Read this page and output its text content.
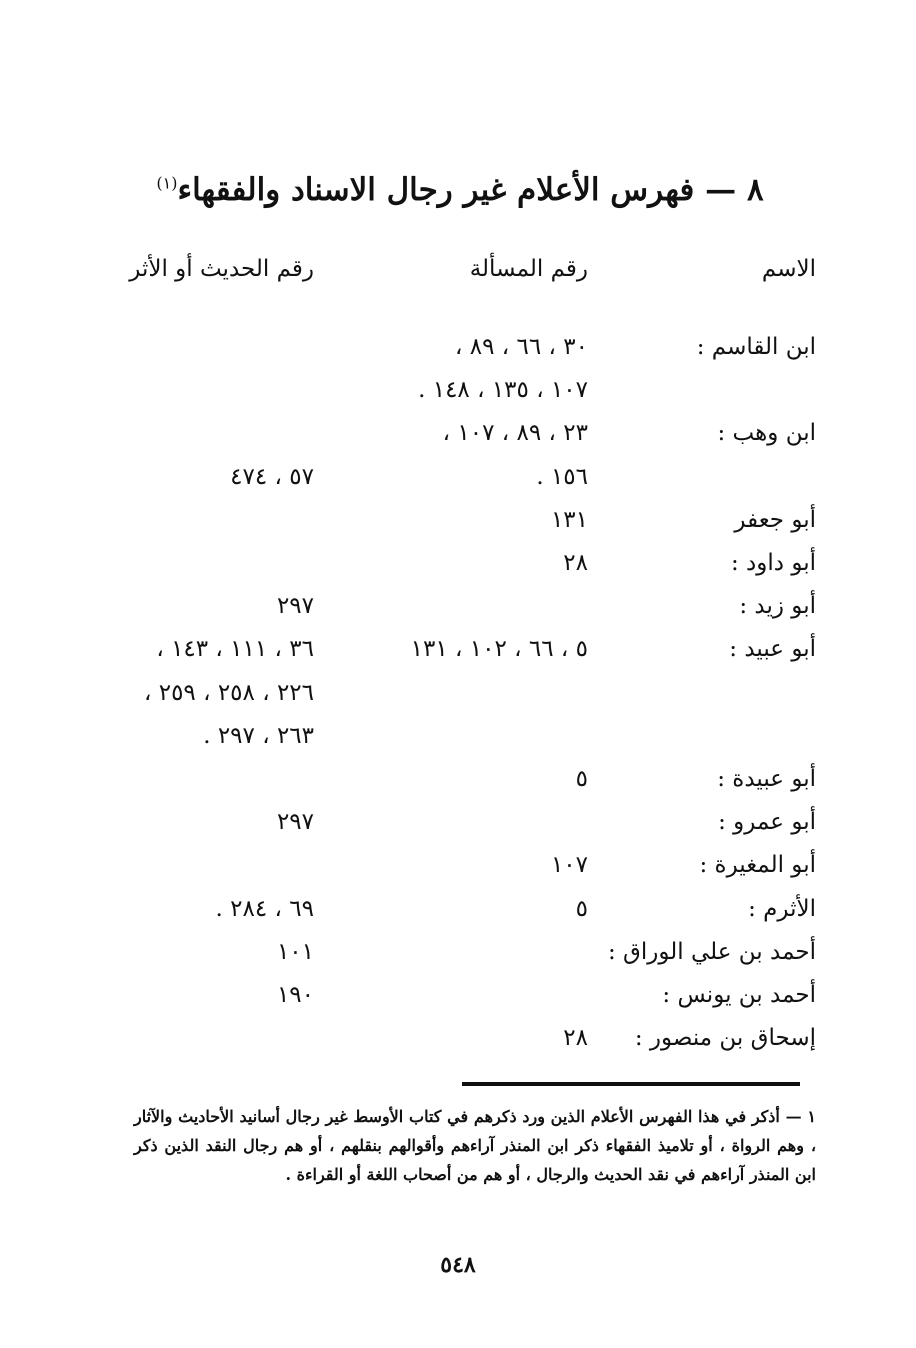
٨ — فهرس الأعلام غير رجال الاسناد والفقهاء$^{(١)}$
الاسم
رقم المسألة
رقم الحديث أو الأثر
ابن القاسم :
٣٠ ، ٦٦ ، ٨٩ ،
١٠٧ ، ١٣٥ ، ١٤٨ .
ابن وهب :
٢٣ ، ٨٩ ، ١٠٧ ،
١٥٦ .
٥٧ ، ٤٧٤
أبو جعفر
١٣١
أبو داود :
٢٨
أبو زيد :
٢٩٧
أبو عبيد :
٥ ، ٦٦ ، ١٠٢ ، ١٣١
٣٦ ، ١١١ ، ١٤٣ ،
٢٢٦ ، ٢٥٨ ، ٢٥٩ ،
٢٦٣ ، ٢٩٧ .
أبو عبيدة :
٥
أبو عمرو :
٢٩٧
أبو المغيرة :
١٠٧
الأثرم :
٥
٦٩ ، ٢٨٤ .
أحمد بن علي الوراق :
١٠١
أحمد بن يونس :
١٩٠
إسحاق بن منصور :
٢٨
١ — أذكر في هذا الفهرس الأعلام الذين ورد ذكرهم في كتاب الأوسط غير رجال أسانيد الأحاديث والآثار ، وهم الرواة ، أو تلاميذ الفقهاء ذكر ابن المنذر آراءهم وأقوالهم بنقلهم ، أو هم رجال النقد الذين ذكر ابن المنذر آراءهم في نقد الحديث والرجال ، أو هم من أصحاب اللغة أو القراءة .
٥٤٨
